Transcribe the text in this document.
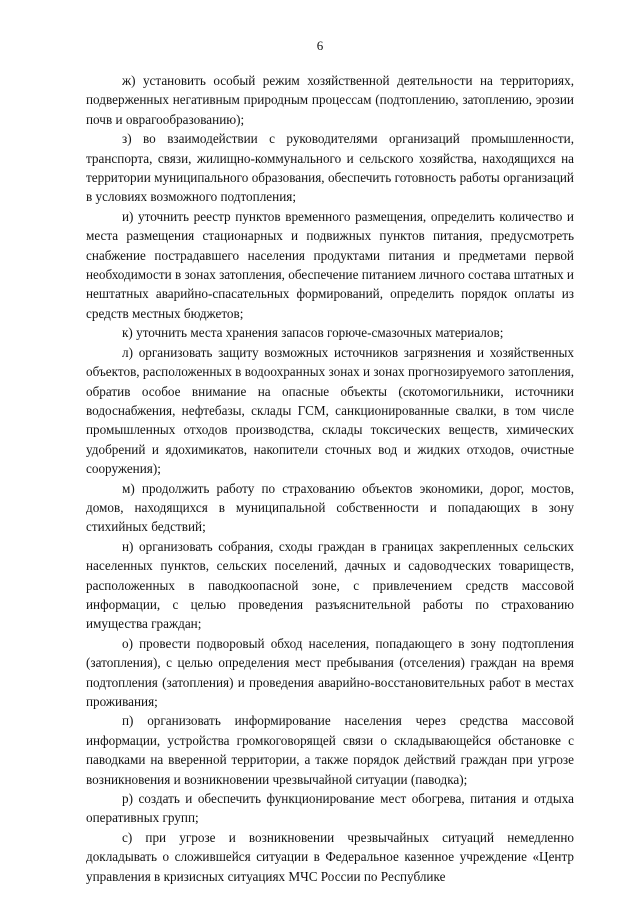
6

ж) установить особый режим хозяйственной деятельности на территориях, подверженных негативным природным процессам (подтоплению, затоплению, эрозии почв и оврагообразованию);

з) во взаимодействии с руководителями организаций промышленности, транспорта, связи, жилищно-коммунального и сельского хозяйства, находящихся на территории муниципального образования, обеспечить готовность работы организаций в условиях возможного подтопления;

и) уточнить реестр пунктов временного размещения, определить количество и места размещения стационарных и подвижных пунктов питания, предусмотреть снабжение пострадавшего населения продуктами питания и предметами первой необходимости в зонах затопления, обеспечение питанием личного состава штатных и нештатных аварийно-спасательных формирований, определить порядок оплаты из средств местных бюджетов;

к) уточнить места хранения запасов горюче-смазочных материалов;

л) организовать защиту возможных источников загрязнения и хозяйственных объектов, расположенных в водоохранных зонах и зонах прогнозируемого затопления, обратив особое внимание на опасные объекты (скотомогильники, источники водоснабжения, нефтебазы, склады ГСМ, санкционированные свалки, в том числе промышленных отходов производства, склады токсических веществ, химических удобрений и ядохимикатов, накопители сточных вод и жидких отходов, очистные сооружения);

м) продолжить работу по страхованию объектов экономики, дорог, мостов, домов, находящихся в муниципальной собственности и попадающих в зону стихийных бедствий;

н) организовать собрания, сходы граждан в границах закрепленных сельских населенных пунктов, сельских поселений, дачных и садоводческих товариществ, расположенных в паводкоопасной зоне, с привлечением средств массовой информации, с целью проведения разъяснительной работы по страхованию имущества граждан;

о) провести подворовый обход населения, попадающего в зону подтопления (затопления), с целью определения мест пребывания (отселения) граждан на время подтопления (затопления) и проведения аварийно-восстановительных работ в местах проживания;

п) организовать информирование населения через средства массовой информации, устройства громкоговорящей связи о складывающейся обстановке с паводками на вверенной территории, а также порядок действий граждан при угрозе возникновения и возникновении чрезвычайной ситуации (паводка);

р) создать и обеспечить функционирование мест обогрева, питания и отдыха оперативных групп;

с) при угрозе и возникновении чрезвычайных ситуаций немедленно докладывать о сложившейся ситуации в Федеральное казенное учреждение «Центр управления в кризисных ситуациях МЧС России по Республике
